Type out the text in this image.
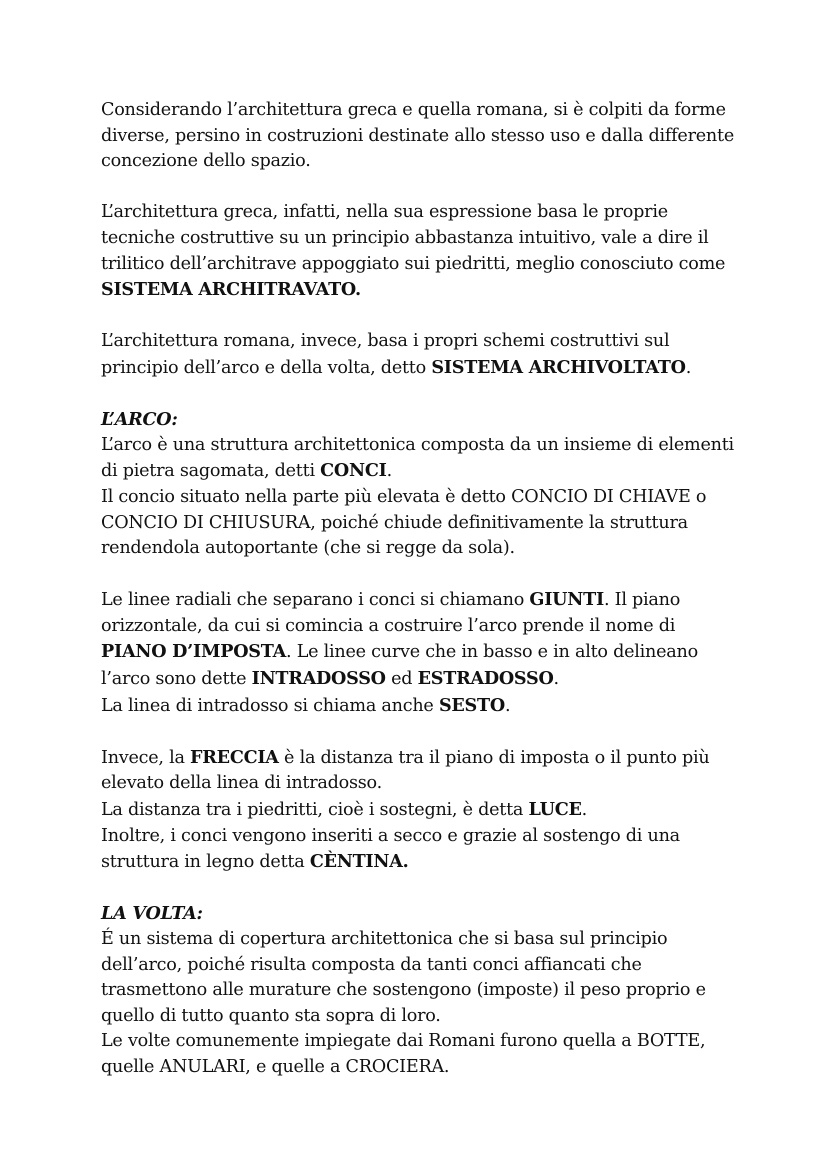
Considerando l’architettura greca e quella romana, si è colpiti da forme diverse, persino in costruzioni destinate allo stesso uso e dalla differente concezione dello spazio.

L’architettura greca, infatti, nella sua espressione basa le proprie tecniche costruttive su un principio abbastanza intuitivo, vale a dire il trilitico dell’architrave appoggiato sui piedritti, meglio conosciuto come SISTEMA ARCHITRAVATO.

L’architettura romana, invece, basa i propri schemi costruttivi sul principio dell’arco e della volta, detto SISTEMA ARCHIVOLTATO.

L’ARCO:

L’arco è una struttura architettonica composta da un insieme di elementi di pietra sagomata, detti CONCI.

Il concio situato nella parte più elevata è detto CONCIO DI CHIAVE o CONCIO DI CHIUSURA, poiché chiude definitivamente la struttura rendendola autoportante (che si regge da sola).

Le linee radiali che separano i conci si chiamano GIUNTI. Il piano orizzontale, da cui si comincia a costruire l’arco prende il nome di PIANO D’IMPOSTA. Le linee curve che in basso e in alto delineano l’arco sono dette INTRADOSSO ed ESTRADOSSO.

La linea di intradosso si chiama anche SESTO.

Invece, la FRECCIA è la distanza tra il piano di imposta o il punto più elevato della linea di intradosso.

La distanza tra i piedritti, cioè i sostegni, è detta LUCE.

Inoltre, i conci vengono inseriti a secco e grazie al sostengo di una struttura in legno detta CÈNTINA.

LA VOLTA:

É un sistema di copertura architettonica che si basa sul principio dell’arco, poiché risulta composta da tanti conci affiancati che trasmettono alle murature che sostengono (imposte) il peso proprio e quello di tutto quanto sta sopra di loro.

Le volte comunemente impiegate dai Romani furono quella a BOTTE, quelle ANULARI, e quelle a CROCIERA.
